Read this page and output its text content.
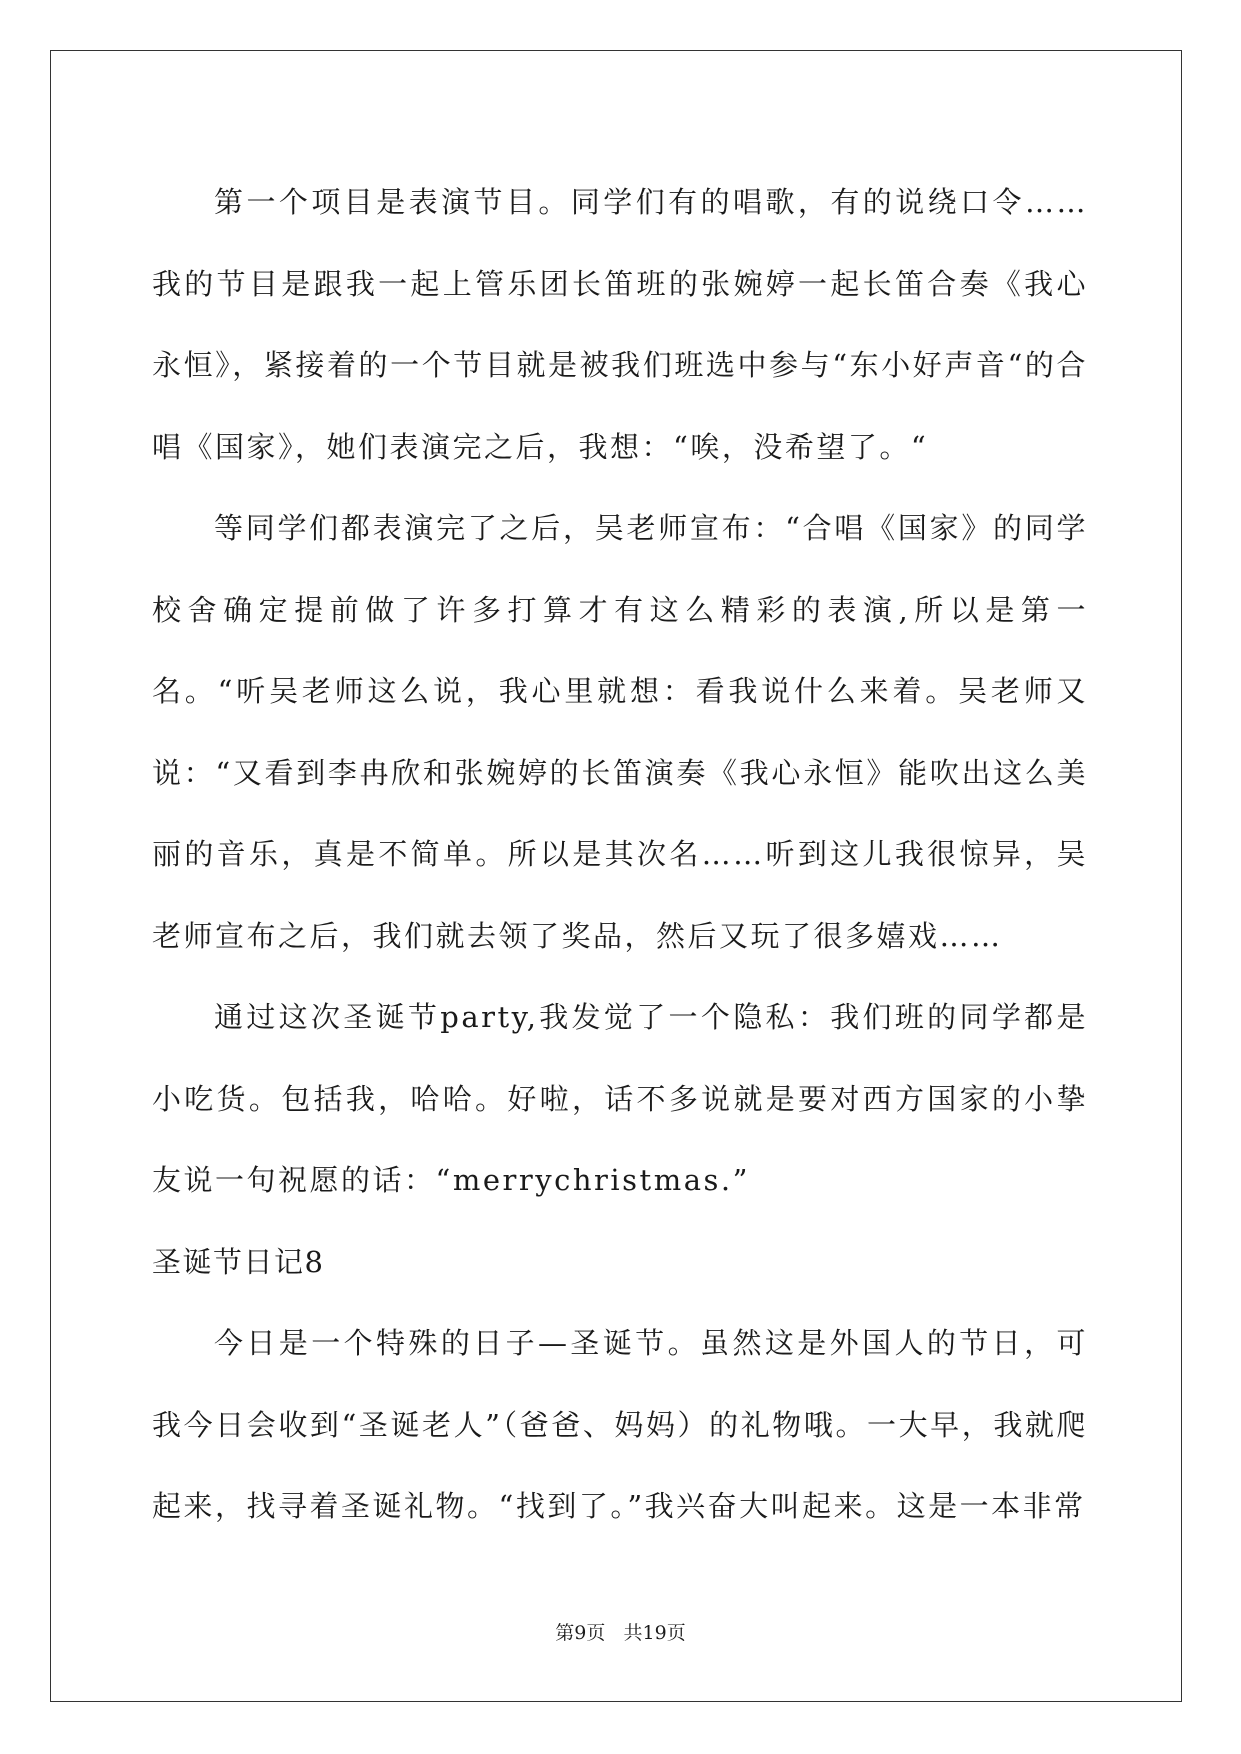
第一个项目是表演节目。同学们有的唱歌，有的说绕口令……我的节目是跟我一起上管乐团长笛班的张婉婷一起长笛合奏《我心永恒》，紧接着的一个节目就是被我们班选中参与“东小好声音“的合唱《国家》，她们表演完之后，我想：“唉，没希望了。“

等同学们都表演完了之后，吴老师宣布：“合唱《国家》的同学校舍确定提前做了许多打算才有这么精彩的表演,所以是第一名。“听吴老师这么说，我心里就想：看我说什么来着。吴老师又说：“又看到李冉欣和张婉婷的长笛演奏《我心永恒》能吹出这么美丽的音乐，真是不简单。所以是其次名……听到这儿我很惊异，吴老师宣布之后，我们就去领了奖品，然后又玩了很多嬉戏……

通过这次圣诞节party,我发觉了一个隐私：我们班的同学都是小吃货。包括我，哈哈。好啦，话不多说就是要对西方国家的小挚友说一句祝愿的话：“merrychristmas.”

圣诞节日记8

今日是一个特殊的日子—圣诞节。虽然这是外国人的节日，可我今日会收到“圣诞老人”（爸爸、妈妈）的礼物哦。一大早，我就爬起来，找寻着圣诞礼物。“找到了。”我兴奋大叫起来。这是一本非常

第9页 共19页
